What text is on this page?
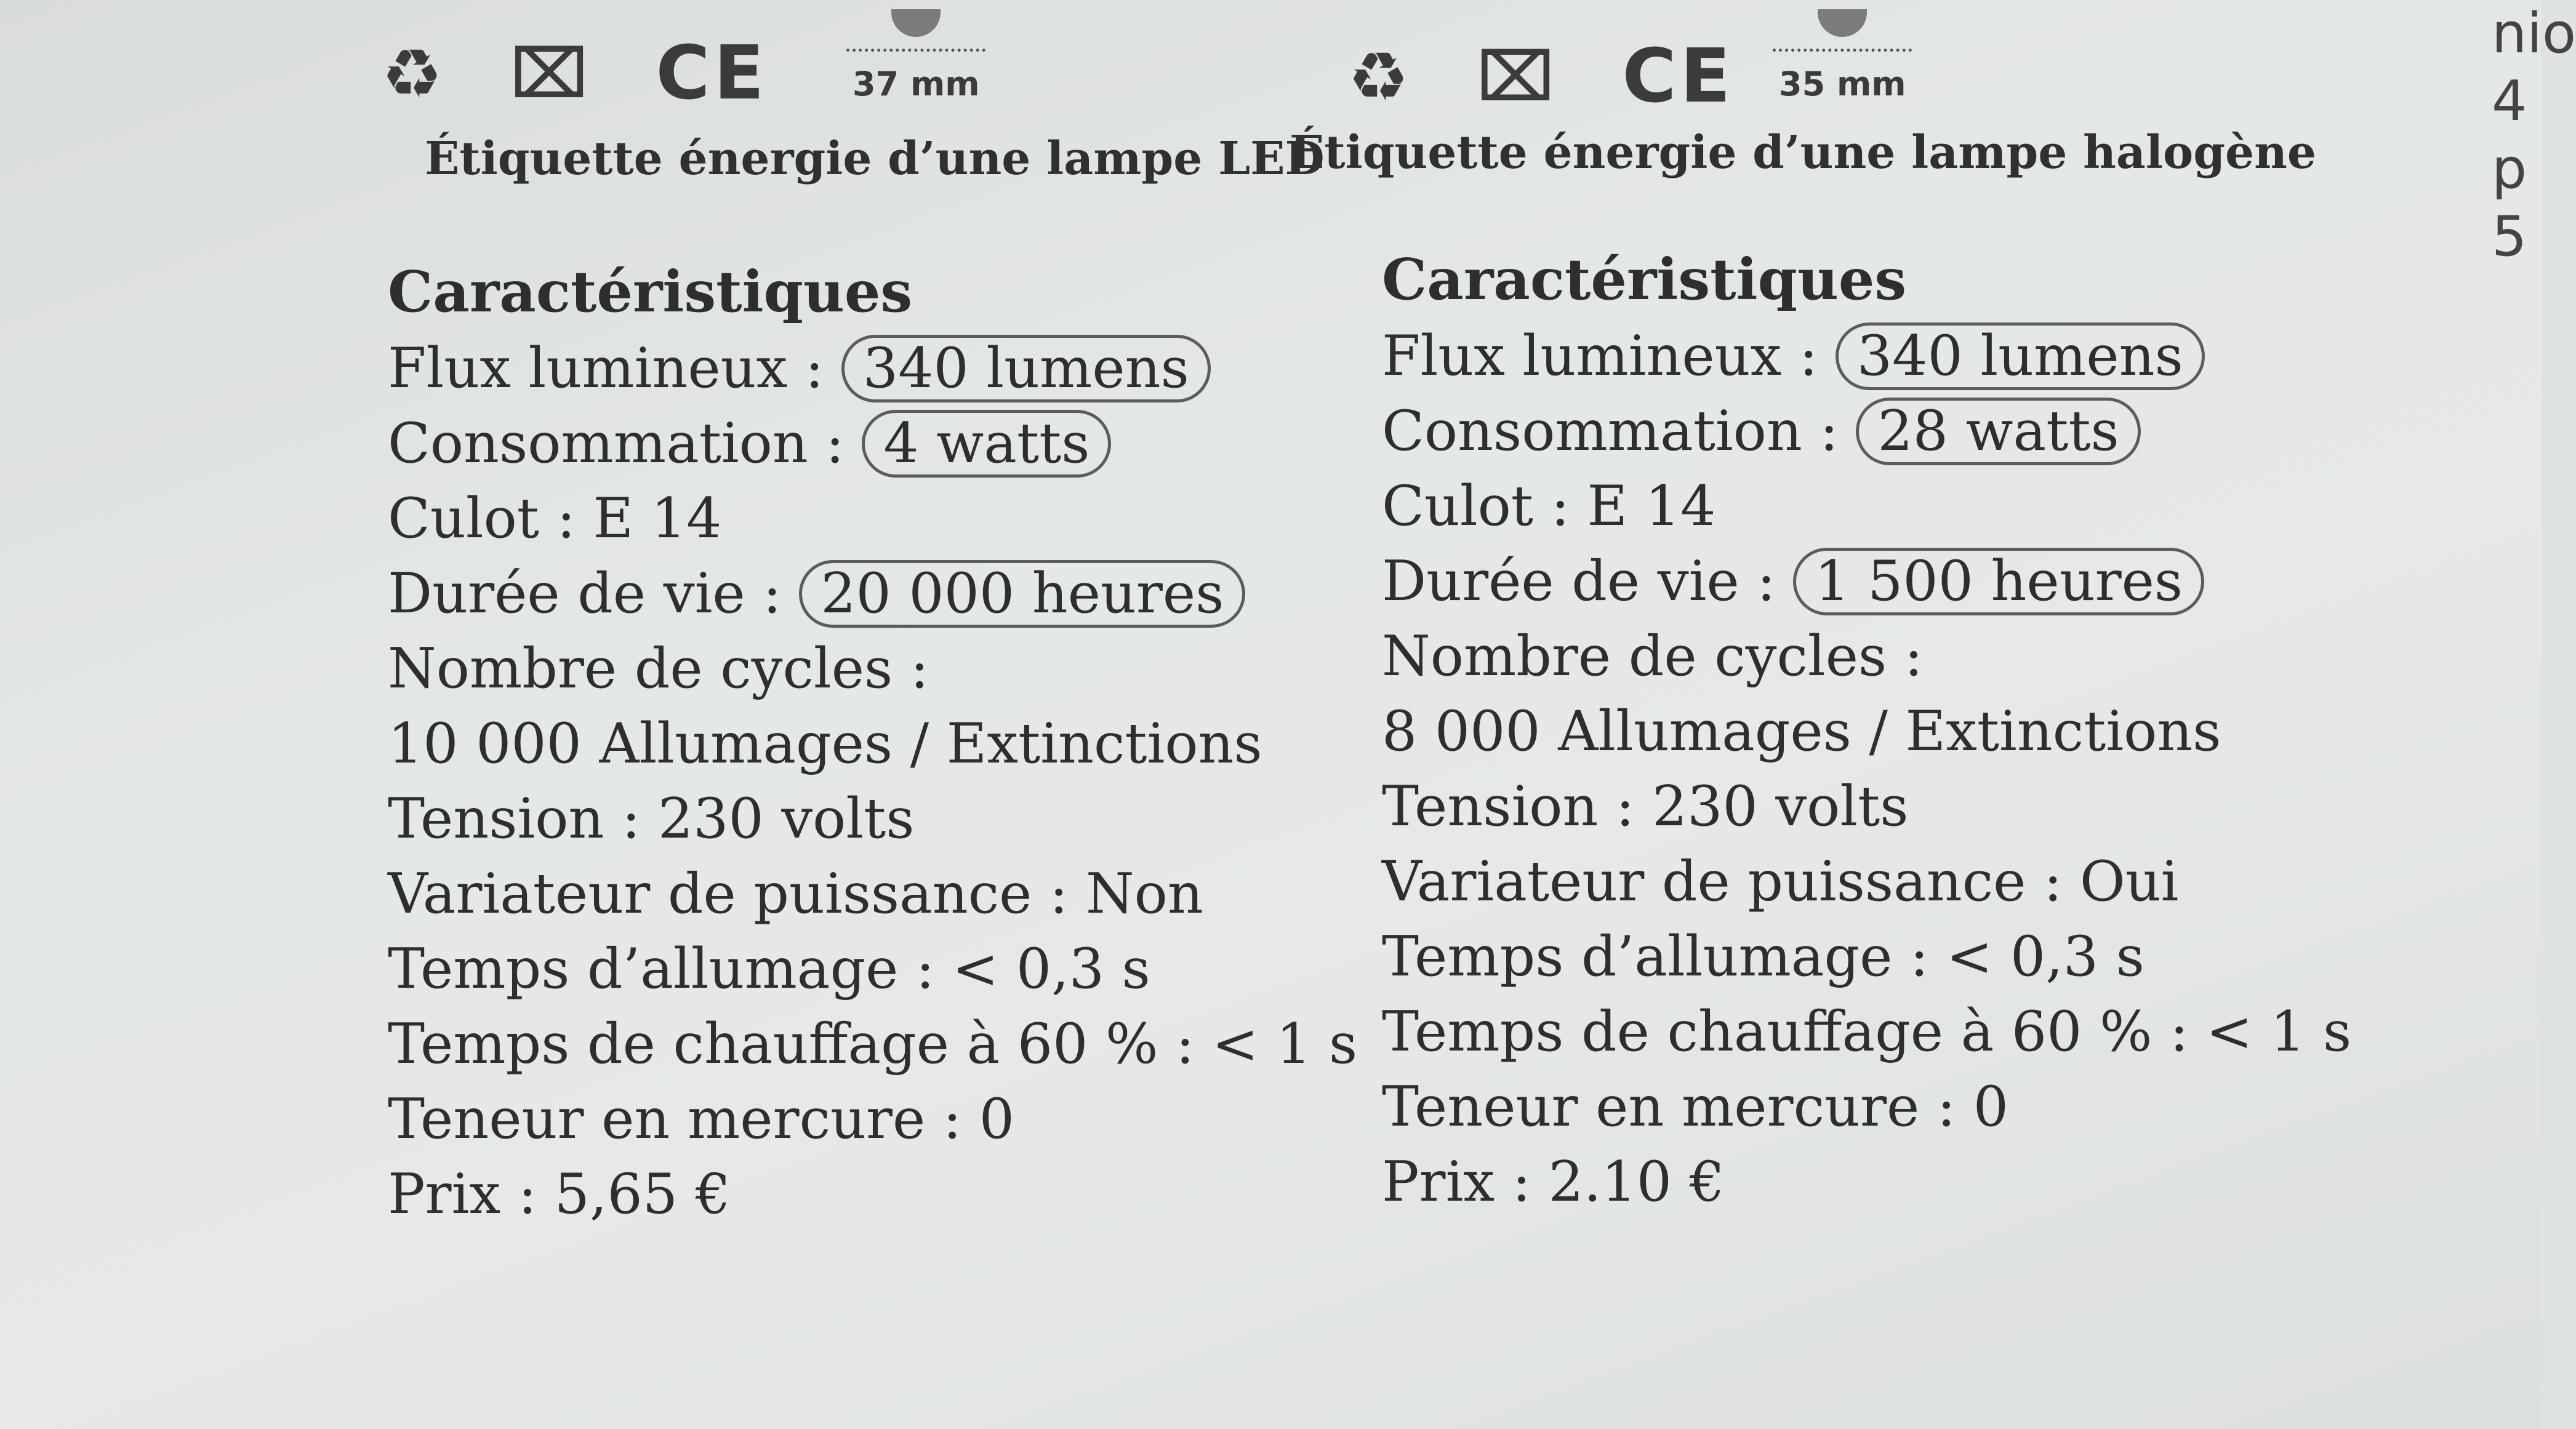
♻ ⌧ CE	37 mm
Étiquette énergie d’une lampe LED
♻ ⌧ CE 35 mm
Étiquette énergie d’une lampe halogène
Caractéristiques
Flux lumineux : 340 lumens
Consommation : 4 watts
Culot : E 14
Durée de vie : 20 000 heures
Nombre de cycles :
10 000 Allumages / Extinctions
Tension : 230 volts
Variateur de puissance : Non
Temps d’allumage : < 0,3 s
Temps de chauffage à 60 % : < 1 s
Teneur en mercure : 0
Prix : 5,65 €
Caractéristiques
Flux lumineux : 340 lumens
Consommation : 28 watts
Culot : E 14
Durée de vie : 1 500 heures
Nombre de cycles :
8 000 Allumages / Extinctions
Tension : 230 volts
Variateur de puissance : Oui
Temps d’allumage : < 0,3 s
Temps de chauffage à 60 % : < 1 s
Teneur en mercure : 0
Prix : 2.10 €
nio
4
p
5
